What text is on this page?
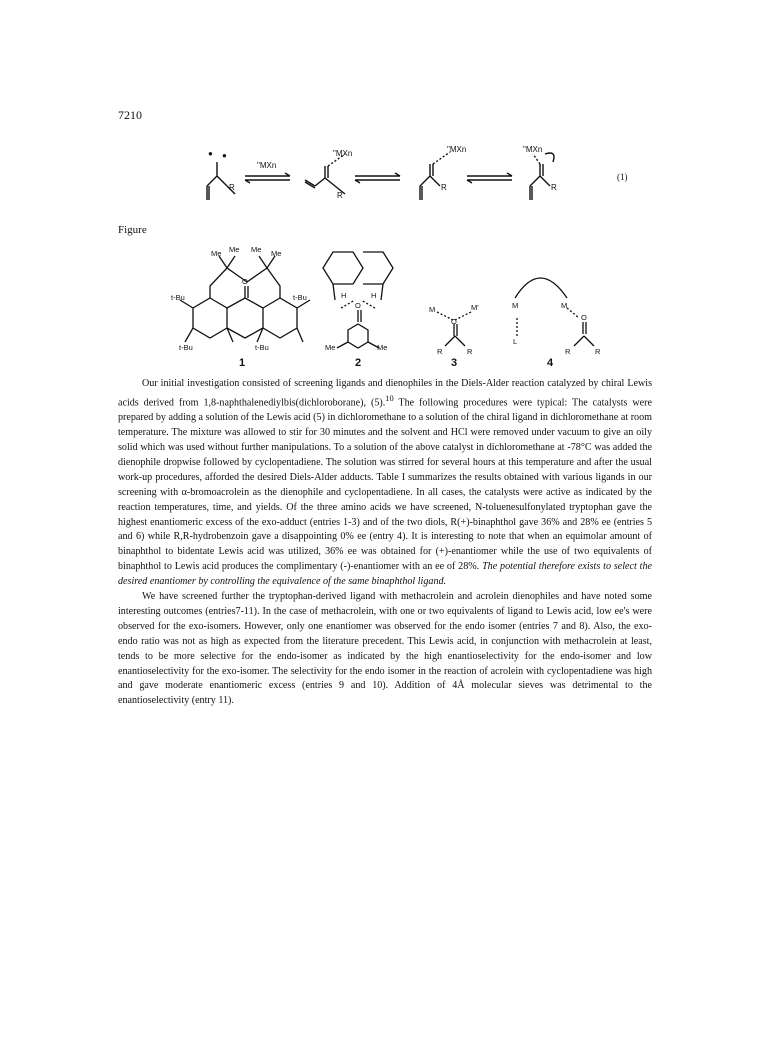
7210
●
●
"MXn
R
"MXn
R
"MXn
R
"MXn
R
(1)
Figure
Me Me Me Me
t-Bu	t-Bu
t-Bu	t-Bu
O
H	H
O
Me	Me
M	M'
O
R	R
M	M
L
O
R	R
1	2	3	4

Our initial investigation consisted of screening ligands and dienophiles in the Diels-Alder reaction catalyzed by chiral Lewis acids derived from 1,8-naphthalenediylbis(dichloroborane), (5).$^{10}$ The following procedures were typical: The catalysts were prepared by adding a solution of the Lewis acid (5) in dichloromethane to a solution of the chiral ligand in dichloromethane at room temperature. The mixture was allowed to stir for 30 minutes and the solvent and HCl were removed under vacuum to give an oily solid which was used without further manipulations. To a solution of the above catalyst in dichloromethane at -78°C was added the dienophile dropwise followed by cyclopentadiene. The solution was stirred for several hours at this temperature and after the usual work-up procedures, afforded the desired Diels-Alder adducts. Table I summarizes the results obtained with various ligands in our screening with α-bromoacrolein as the dienophile and cyclopentadiene. In all cases, the catalysts were active as indicated by the reaction temperatures, time, and yields. Of the three amino acids we have screened, N-toluenesulfonylated tryptophan gave the highest enantiomeric excess of the exo-adduct (entries 1-3) and of the two diols, R(+)-binaphthol gave 36% and 28% ee (entries 5 and 6) while R,R-hydrobenzoin gave a disappointing 0% ee (entry 4). It is interesting to note that when an equimolar amount of binaphthol to bidentate Lewis acid was utilized, 36% ee was obtained for (+)-enantiomer while the use of two equivalents of binaphthol to Lewis acid produces the complimentary (-)-enantiomer with an ee of 28%. The potential therefore exists to select the desired enantiomer by controlling the equivalence of the same binaphthol ligand.

We have screened further the tryptophan-derived ligand with methacrolein and acrolein dienophiles and have noted some interesting outcomes (entries7-11). In the case of methacrolein, with one or two equivalents of ligand to Lewis acid, low ee's were observed for the exo-isomers. However, only one enantiomer was observed for the endo isomer (entries 7 and 8). Also, the exo-endo ratio was not as high as expected from the literature precedent. This Lewis acid, in conjunction with methacrolein at least, tends to be more selective for the endo-isomer as indicated by the high enantioselectivity for the endo-isomer and low enantioselectivity for the exo-isomer. The selectivity for the endo isomer in the reaction of acrolein with cyclopentadiene was high and gave moderate enantiomeric excess (entries 9 and 10). Addition of 4Å molecular sieves was detrimental to the enantioselectivity (entry 11).
